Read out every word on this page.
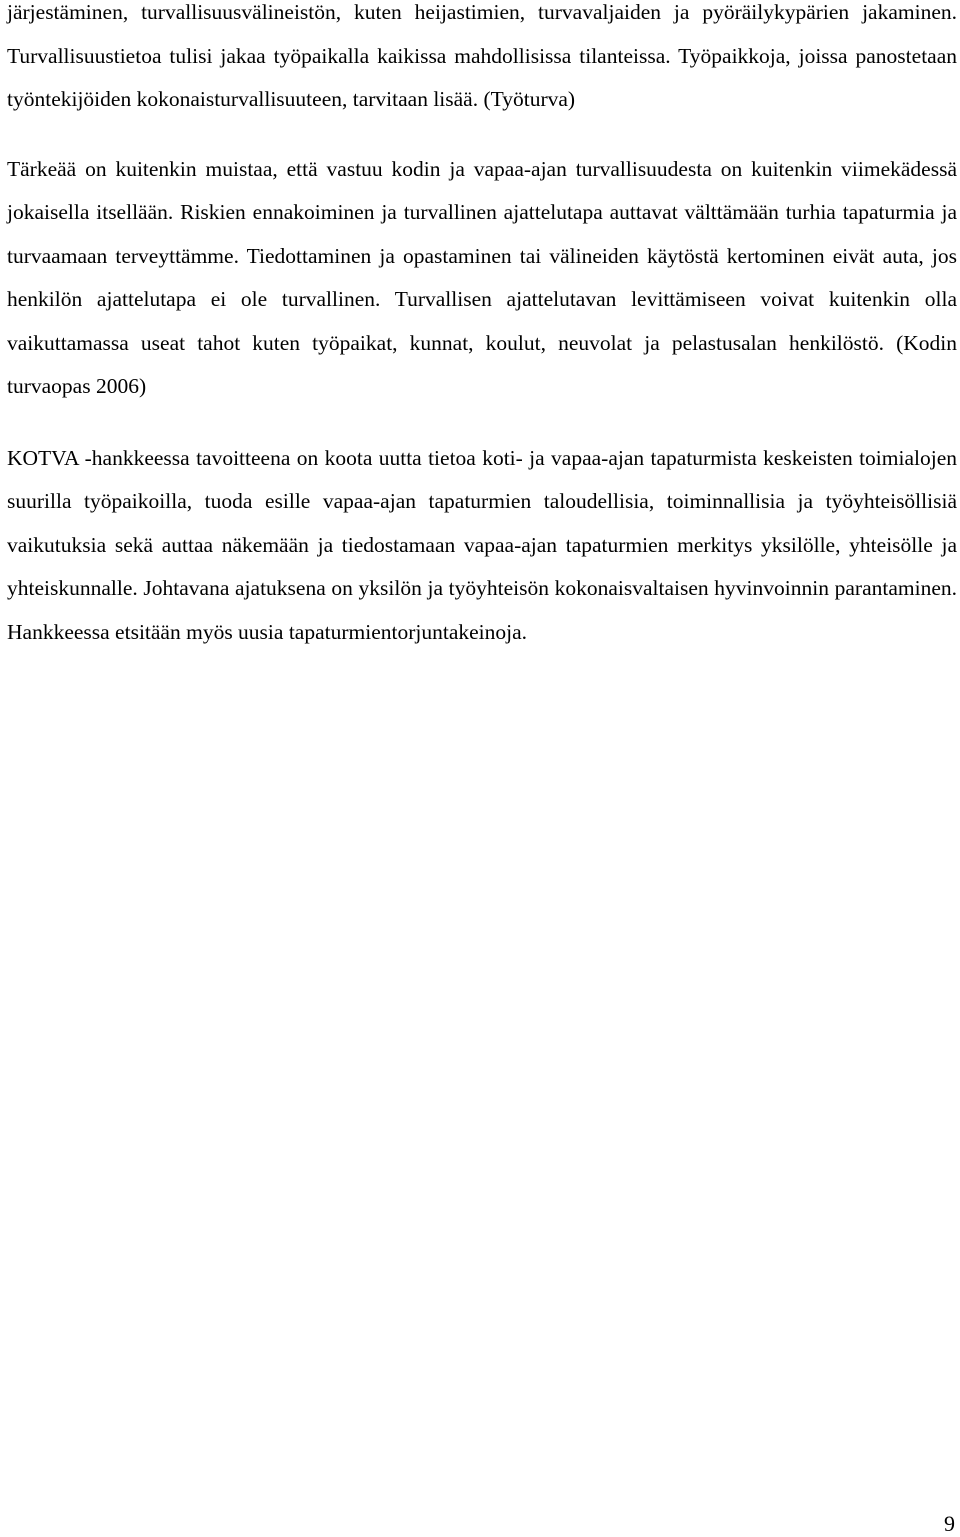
järjestäminen, turvallisuusvälineistön, kuten heijastimien, turvavaljaiden ja pyöräilykypärien jakaminen. Turvallisuustietoa tulisi jakaa työpaikalla kaikissa mahdollisissa tilanteissa. Työpaikkoja, joissa panostetaan työntekijöiden kokonaisturvallisuuteen, tarvitaan lisää. (Työturva)

Tärkeää on kuitenkin muistaa, että vastuu kodin ja vapaa-ajan turvallisuudesta on kuitenkin viimekädessä jokaisella itsellään. Riskien ennakoiminen ja turvallinen ajattelutapa auttavat välttämään turhia tapaturmia ja turvaamaan terveyttämme. Tiedottaminen ja opastaminen tai välineiden käytöstä kertominen eivät auta, jos henkilön ajattelutapa ei ole turvallinen. Turvallisen ajattelutavan levittämiseen voivat kuitenkin olla vaikuttamassa useat tahot kuten työpaikat, kunnat, koulut, neuvolat ja pelastusalan henkilöstö. (Kodin turvaopas 2006)

KOTVA -hankkeessa tavoitteena on koota uutta tietoa koti- ja vapaa-ajan tapaturmista keskeisten toimialojen suurilla työpaikoilla, tuoda esille vapaa-ajan tapaturmien taloudellisia, toiminnallisia ja työyhteisöllisiä vaikutuksia sekä auttaa näkemään ja tiedostamaan vapaa-ajan tapaturmien merkitys yksilölle, yhteisölle ja yhteiskunnalle. Johtavana ajatuksena on yksilön ja työyhteisön kokonaisvaltaisen hyvinvoinnin parantaminen. Hankkeessa etsitään myös uusia tapaturmientorjuntakeinoja.

9
